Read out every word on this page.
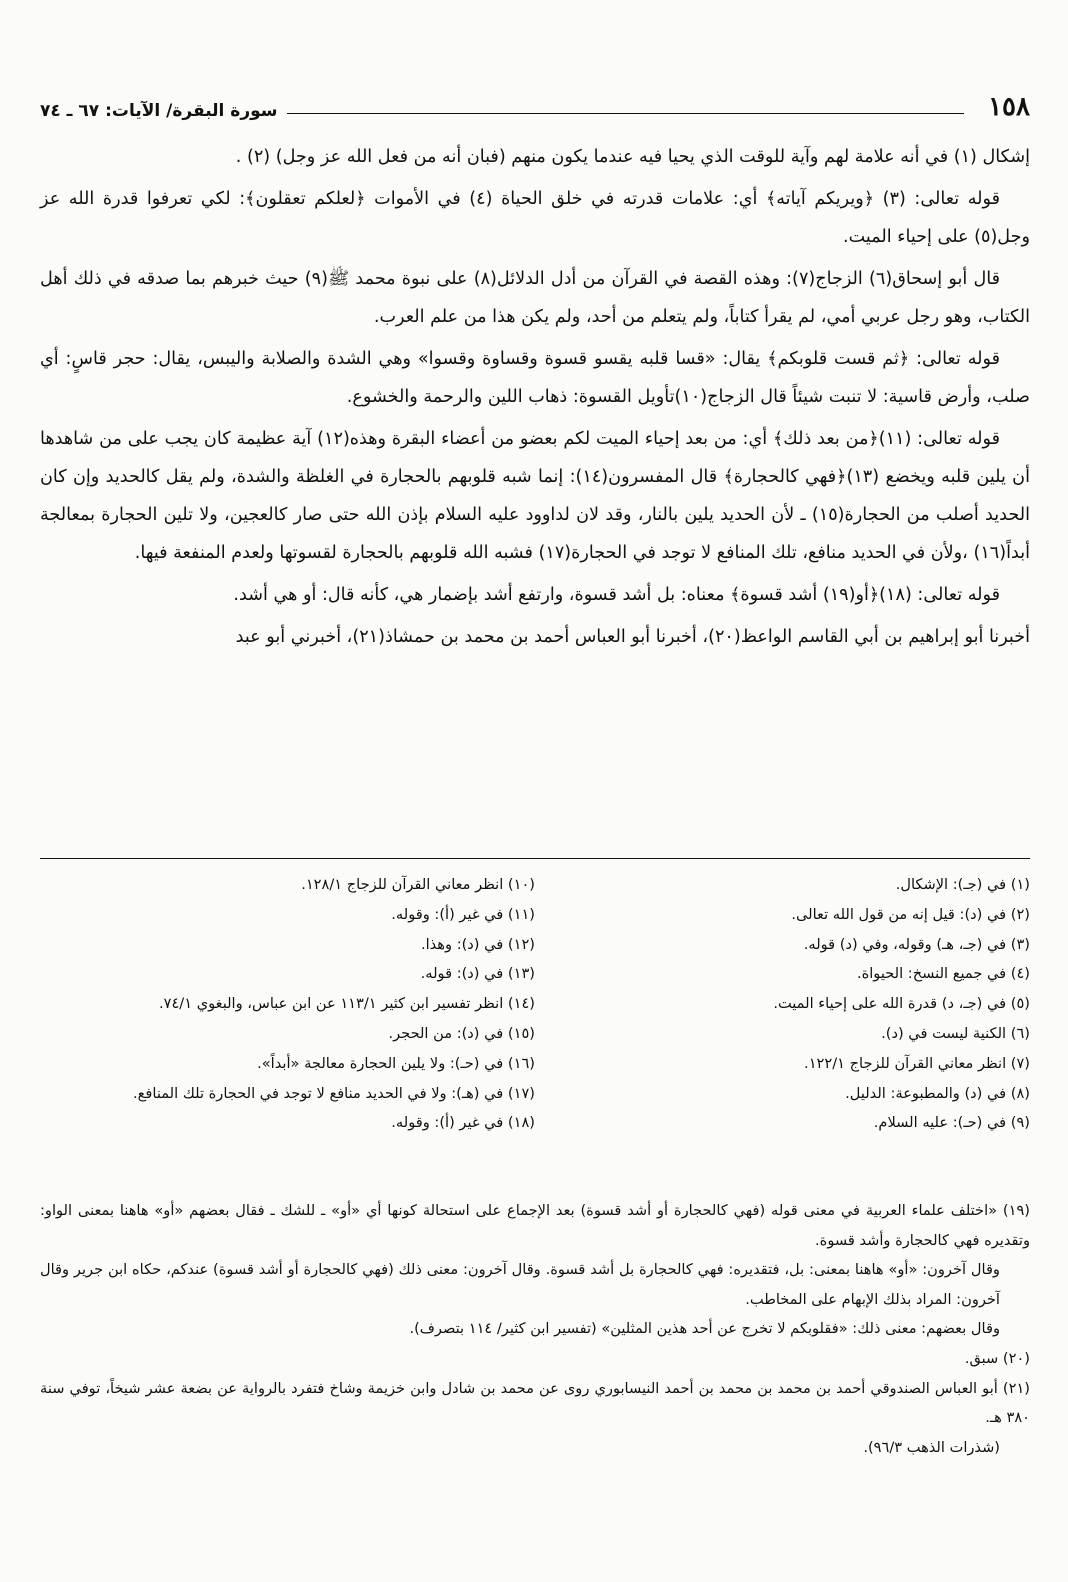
١٥٨
سورة البقرة/ الآيات: ٦٧ ـ ٧٤

إشكال (١) في أنه علامة لهم وآية للوقت الذي يحيا فيه عندما يكون منهم (فبان أنه من فعل الله عز وجل) (٢) .

قوله تعالى: (٣) ﴿ويريكم آياته﴾ أي: علامات قدرته في خلق الحياة (٤) في الأموات ﴿لعلكم تعقلون﴾: لكي تعرفوا قدرة الله عز وجل(٥) على إحياء الميت.

قال أبو إسحاق(٦) الزجاج(٧): وهذه القصة في القرآن من أدل الدلائل(٨) على نبوة محمد ﷺ(٩) حيث خبرهم بما صدقه في ذلك أهل الكتاب، وهو رجل عربي أمي، لم يقرأ كتاباً، ولم يتعلم من أحد، ولم يكن هذا من علم العرب.

قوله تعالى: ﴿ثم قست قلوبكم﴾ يقال: «قسا قلبه يقسو قسوة وقساوة وقسوا» وهي الشدة والصلابة واليبس، يقال: حجر قاسٍ: أي صلب، وأرض قاسية: لا تنبت شيئاً قال الزجاج(١٠)تأويل القسوة: ذهاب اللين والرحمة والخشوع.

قوله تعالى: (١١)﴿من بعد ذلك﴾ أي: من بعد إحياء الميت لكم بعضو من أعضاء البقرة وهذه(١٢) آية عظيمة كان يجب على من شاهدها أن يلين قلبه ويخضع (١٣)﴿فهي كالحجارة﴾ قال المفسرون(١٤): إنما شبه قلوبهم بالحجارة في الغلظة والشدة، ولم يقل كالحديد وإن كان الحديد أصلب من الحجارة(١٥) ـ لأن الحديد يلين بالنار، وقد لان لداوود عليه السلام بإذن الله حتى صار كالعجين، ولا تلين الحجارة بمعالجة أبداً(١٦) ،ولأن في الحديد منافع، تلك المنافع لا توجد في الحجارة(١٧) فشبه الله قلوبهم بالحجارة لقسوتها ولعدم المنفعة فيها.

قوله تعالى: (١٨)﴿أو(١٩) أشد قسوة﴾ معناه: بل أشد قسوة، وارتفع أشد بإضمار هي، كأنه قال: أو هي أشد.

أخبرنا أبو إبراهيم بن أبي القاسم الواعظ(٢٠)، أخبرنا أبو العباس أحمد بن محمد بن حمشاذ(٢١)، أخبرني أبو عبد

(١) في (جـ): الإشكال.
(٢) في (د): قيل إنه من قول الله تعالى.
(٣) في (جـ، هـ) وقوله، وفي (د) قوله.
(٤) في جميع النسخ: الحيواة.
(٥) في (جـ، د) قدرة الله على إحياء الميت.
(٦) الكنية ليست في (د).
(٧) انظر معاني القرآن للزجاج ١٢٢/١.
(٨) في (د) والمطبوعة: الدليل.
(٩) في (حـ): عليه السلام.
(١٠) انظر معاني القرآن للزجاج ١٢٨/١.
(١١) في غير (أ): وقوله.
(١٢) في (د): وهذا.
(١٣) في (د): قوله.
(١٤) انظر تفسير ابن كثير ١١٣/١ عن ابن عباس، والبغوي ٧٤/١.
(١٥) في (د): من الحجر.
(١٦) في (حـ): ولا يلين الحجارة معالجة «أبداً».
(١٧) في (هـ): ولا في الحديد منافع لا توجد في الحجارة تلك المنافع.
(١٨) في غير (أ): وقوله.
(١٩) «اختلف علماء العربية في معنى قوله (فهي كالحجارة أو أشد قسوة) بعد الإجماع على استحالة كونها أي «أو» ـ للشك ـ فقال بعضهم «أو» هاهنا بمعنى الواو: وتقديره فهي كالحجارة وأشد قسوة.
وقال آخرون: «أو» هاهنا بمعنى: بل، فتقديره: فهي كالحجارة بل أشد قسوة. وقال آخرون: معنى ذلك (فهي كالحجارة أو أشد قسوة) عندكم، حكاه ابن جرير وقال آخرون: المراد بذلك الإبهام على المخاطب.
وقال بعضهم: معنى ذلك: «فقلوبكم لا تخرج عن أحد هذين المثلين» (تفسير ابن كثير/ ١١٤ بتصرف).
(٢٠) سبق.
(٢١) أبو العباس الصندوقي أحمد بن محمد بن محمد بن أحمد النيسابوري روى عن محمد بن شادل وابن خزيمة وشاخ فتفرد بالرواية عن بضعة عشر شيخاً، توفي سنة ٣٨٠ هـ.
(شذرات الذهب ٩٦/٣).
